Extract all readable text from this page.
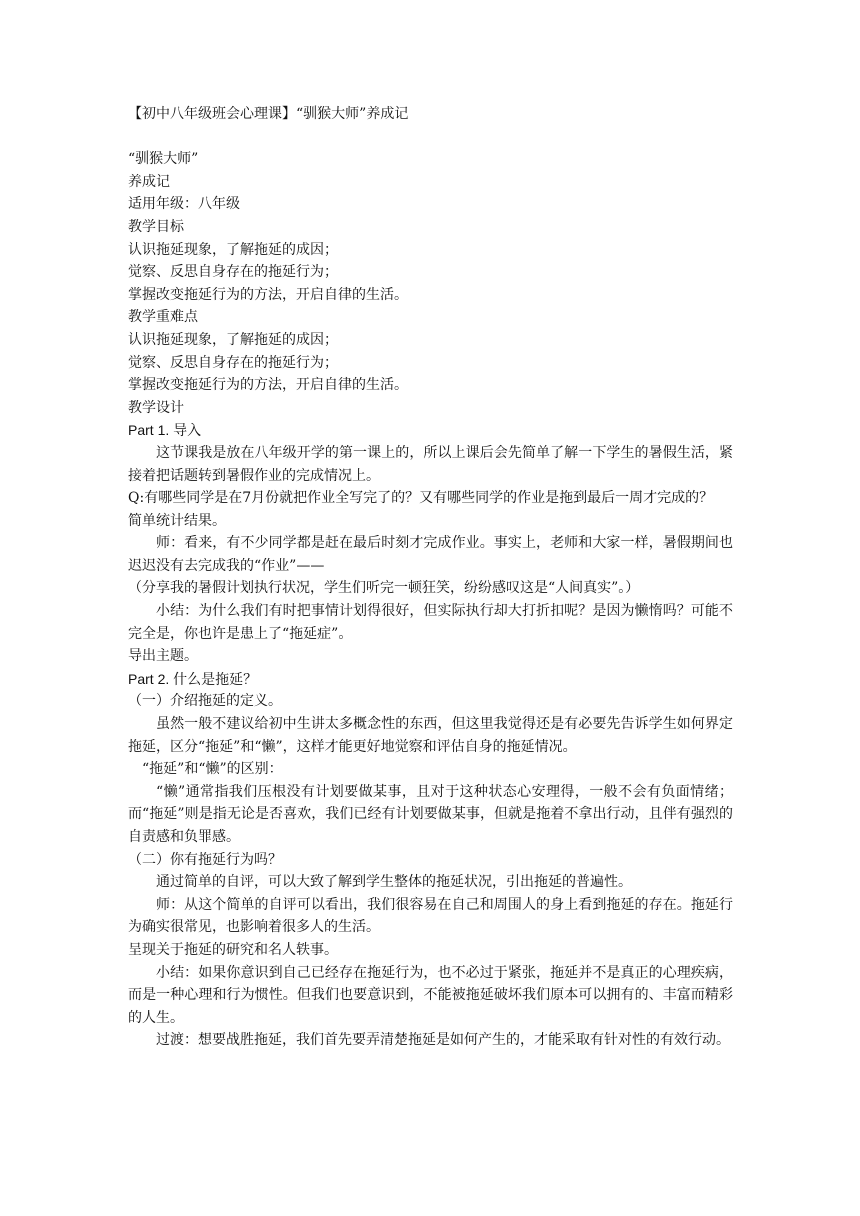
【初中八年级班会心理课】“驯猴大师”养成记

“驯猴大师”

养成记

适用年级：八年级

教学目标

认识拖延现象，了解拖延的成因；

觉察、反思自身存在的拖延行为；

掌握改变拖延行为的方法，开启自律的生活。

教学重难点

认识拖延现象，了解拖延的成因；

觉察、反思自身存在的拖延行为；

掌握改变拖延行为的方法，开启自律的生活。

教学设计

Part 1. 导入

这节课我是放在八年级开学的第一课上的，所以上课后会先简单了解一下学生的暑假生活，紧接着把话题转到暑假作业的完成情况上。

Q:有哪些同学是在7月份就把作业全写完了的？又有哪些同学的作业是拖到最后一周才完成的？

简单统计结果。

师：看来，有不少同学都是赶在最后时刻才完成作业。事实上，老师和大家一样，暑假期间也迟迟没有去完成我的“作业”——

（分享我的暑假计划执行状况，学生们听完一顿狂笑，纷纷感叹这是“人间真实”。）

小结：为什么我们有时把事情计划得很好，但实际执行却大打折扣呢？是因为懒惰吗？可能不完全是，你也许是患上了“拖延症”。

导出主题。

Part 2. 什么是拖延？

（一）介绍拖延的定义。

虽然一般不建议给初中生讲太多概念性的东西，但这里我觉得还是有必要先告诉学生如何界定拖延，区分“拖延”和“懒”，这样才能更好地觉察和评估自身的拖延情况。

“拖延”和“懒”的区别：

“懒”通常指我们压根没有计划要做某事，且对于这种状态心安理得，一般不会有负面情绪；而“拖延”则是指无论是否喜欢，我们已经有计划要做某事，但就是拖着不拿出行动，且伴有强烈的自责感和负罪感。

（二）你有拖延行为吗？

通过简单的自评，可以大致了解到学生整体的拖延状况，引出拖延的普遍性。

师：从这个简单的自评可以看出，我们很容易在自己和周围人的身上看到拖延的存在。拖延行为确实很常见，也影响着很多人的生活。

呈现关于拖延的研究和名人轶事。

小结：如果你意识到自己已经存在拖延行为，也不必过于紧张，拖延并不是真正的心理疾病，而是一种心理和行为惯性。但我们也要意识到，不能被拖延破坏我们原本可以拥有的、丰富而精彩的人生。

过渡：想要战胜拖延，我们首先要弄清楚拖延是如何产生的，才能采取有针对性的有效行动。
